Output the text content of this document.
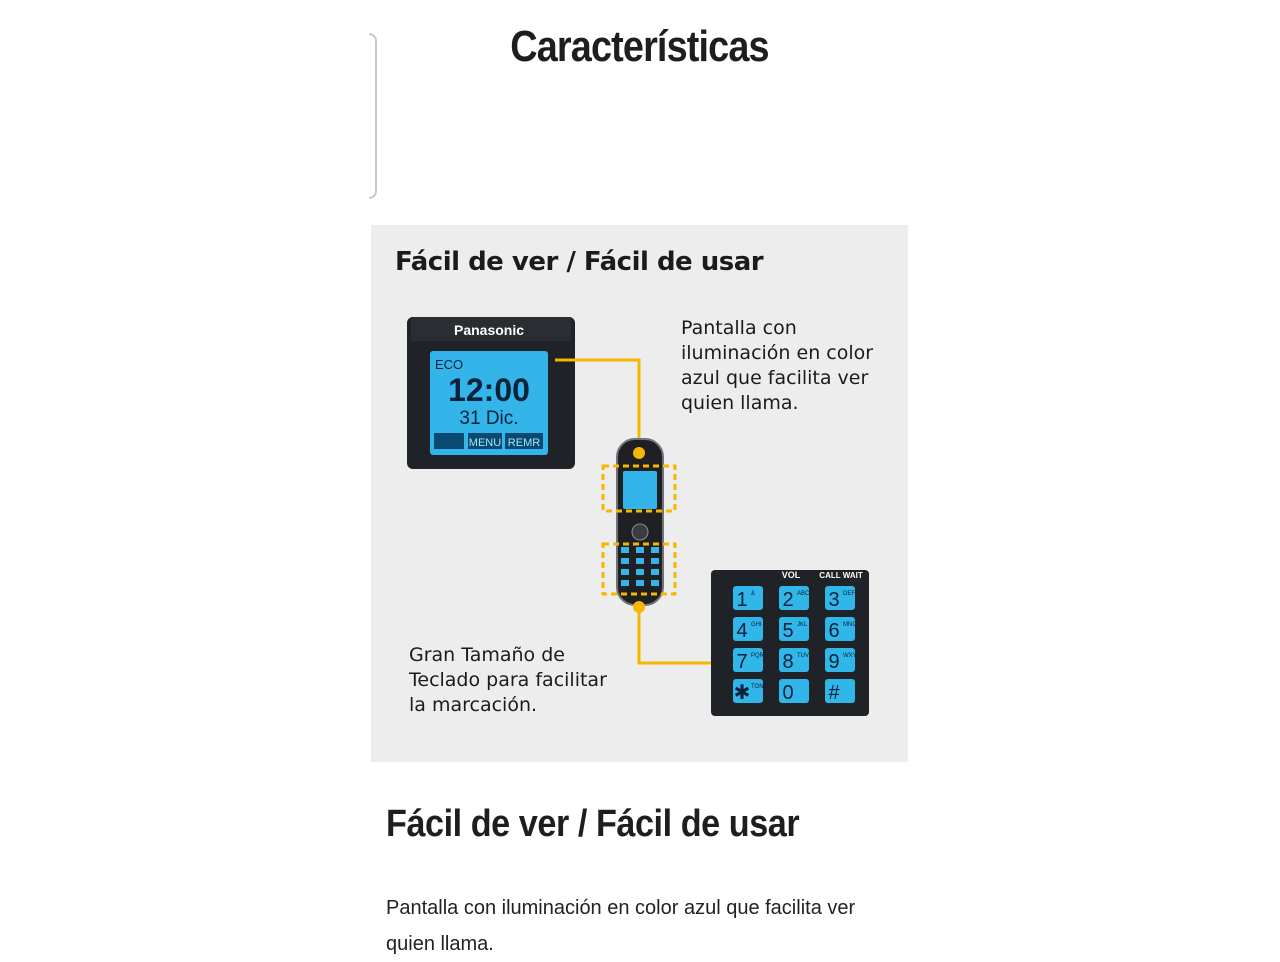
Características
Fácil de ver / Fácil de usar
Panasonic
ECO
12:00
31 Dic.
MENU REMR
VOL CALL WAIT
1 & 2 ABC 3 DEF
4 GHI 5 JKL 6 MNO
7 PQRS 8 TUV 9 WXYZ
✱ TONE 0 #
Pantalla con
iluminación en color
azul que facilita ver
quien llama.
Gran Tamaño de
Teclado para facilitar
la marcación.
Fácil de ver / Fácil de usar
Pantalla con iluminación en color azul que facilita ver quien llama.
